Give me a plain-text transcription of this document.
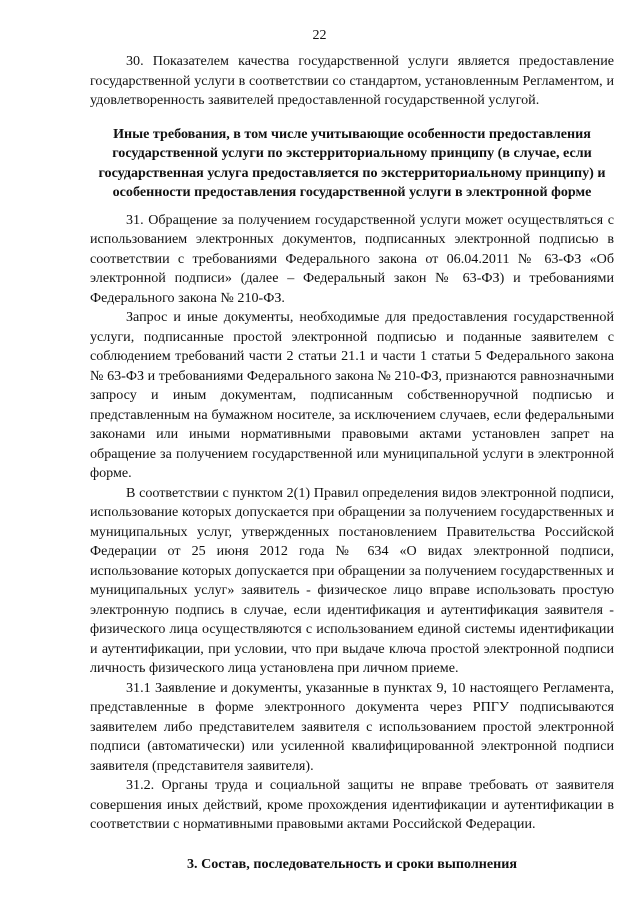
22

30. Показателем качества государственной услуги является предоставление государственной услуги в соответствии со стандартом, установленным Регламентом, и удовлетворенность заявителей предоставленной государственной услугой.

Иные требования, в том числе учитывающие особенности предоставления государственной услуги по экстерриториальному принципу (в случае, если государственная услуга предоставляется по экстерриториальному принципу) и особенности предоставления государственной услуги в электронной форме

31. Обращение за получением государственной услуги может осуществляться с использованием электронных документов, подписанных электронной подписью в соответствии с требованиями Федерального закона от 06.04.2011 № 63-ФЗ «Об электронной подписи» (далее – Федеральный закон № 63-ФЗ) и требованиями Федерального закона № 210-ФЗ.

Запрос и иные документы, необходимые для предоставления государственной услуги, подписанные простой электронной подписью и поданные заявителем с соблюдением требований части 2 статьи 21.1 и части 1 статьи 5 Федерального закона № 63-ФЗ и требованиями Федерального закона № 210-ФЗ, признаются равнозначными запросу и иным документам, подписанным собственноручной подписью и представленным на бумажном носителе, за исключением случаев, если федеральными законами или иными нормативными правовыми актами установлен запрет на обращение за получением государственной или муниципальной услуги в электронной форме.

В соответствии с пунктом 2(1) Правил определения видов электронной подписи, использование которых допускается при обращении за получением государственных и муниципальных услуг, утвержденных постановлением Правительства Российской Федерации от 25 июня 2012 года № 634 «О видах электронной подписи, использование которых допускается при обращении за получением государственных и муниципальных услуг» заявитель - физическое лицо вправе использовать простую электронную подпись в случае, если идентификация и аутентификация заявителя - физического лица осуществляются с использованием единой системы идентификации и аутентификации, при условии, что при выдаче ключа простой электронной подписи личность физического лица установлена при личном приеме.

31.1 Заявление и документы, указанные в пунктах 9, 10 настоящего Регламента, представленные в форме электронного документа через РПГУ подписываются заявителем либо представителем заявителя с использованием простой электронной подписи (автоматически) или усиленной квалифицированной электронной подписи заявителя (представителя заявителя).

31.2. Органы труда и социальной защиты не вправе требовать от заявителя совершения иных действий, кроме прохождения идентификации и аутентификации в соответствии с нормативными правовыми актами Российской Федерации.

3. Состав, последовательность и сроки выполнения
